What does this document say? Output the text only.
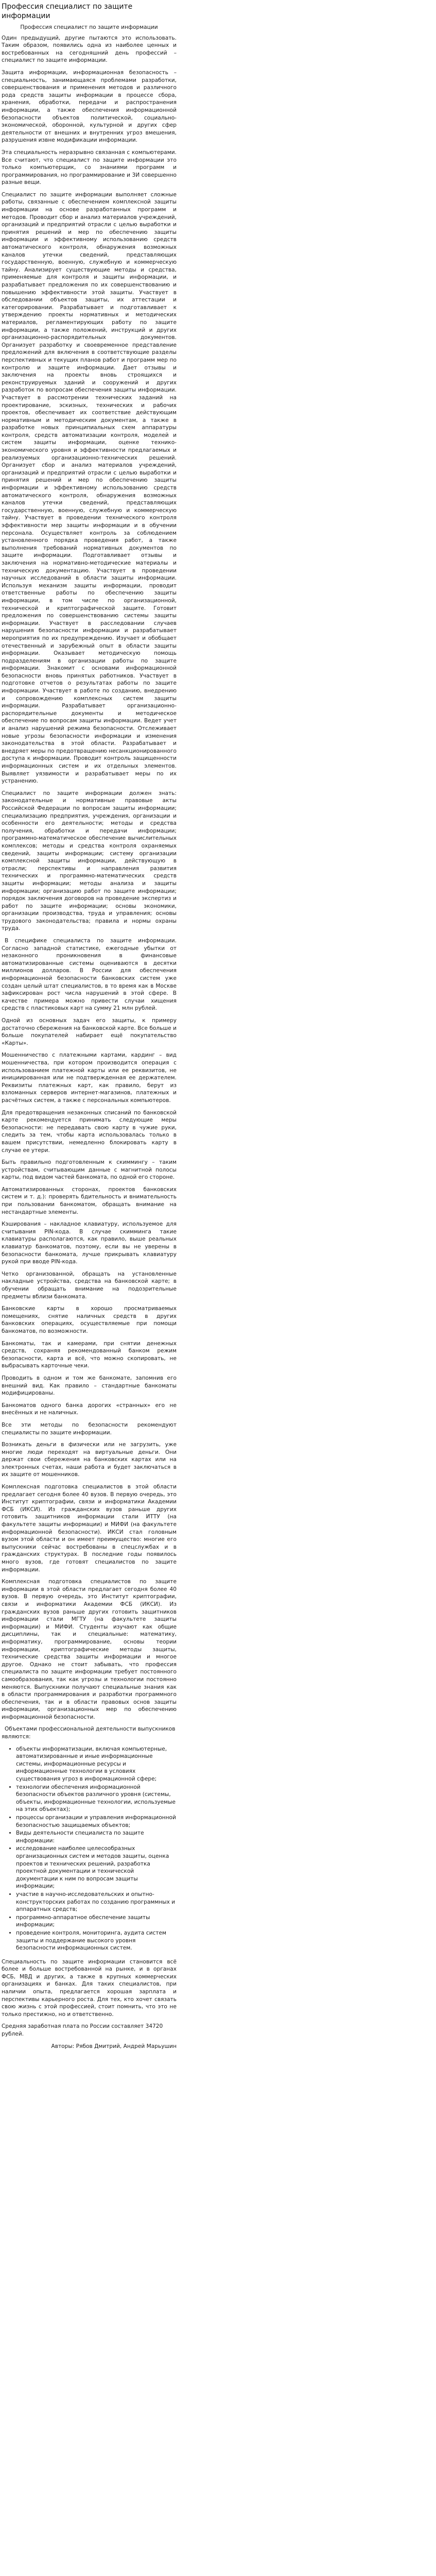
Профессия специалист по защите информации
Профессия специалист по защите информации

Один предыдущий, другие пытаются это использовать. Таким образом, появились одна из наиболее ценных и востребованных на сегодняшний день профессий – специалист по защите информации.

Защита информации, информационная безопасность – специальность, занимающаяся проблемами разработки, совершенствования и применения методов и различного рода средств защиты информации в процессе сбора, хранения, обработки, передачи и распространения информации, а также обеспечения информационной безопасности объектов политической, социально-экономической, оборонной, культурной и других сфер деятельности от внешних и внутренних угроз вмешения, разрушения извне модификации информации.

Эта специальность неразрывно связанная с компьютерами. Все считают, что специалист по защите информации это только компьютерщик, со знаниями программ и программирования, но программирование и 3И совершенно разные вещи.

Специалист по защите информации выполняет сложные работы, связанные с обеспечением комплексной защиты информации на основе разработанных программ и методов. Проводит сбор и анализ материалов учреждений, организаций и предприятий отрасли с целью выработки и принятия решений и мер по обеспечению защиты информации и эффективному использованию средств автоматического контроля, обнаружения возможных каналов утечки сведений, представляющих государственную, военную, служебную и коммерческую тайну. Анализирует существующие методы и средства, применяемые для контроля и защиты информации, и разрабатывает предложения по их совершенствованию и повышению эффективности этой защиты. Участвует в обследовании объектов защиты, их аттестации и категорировании. Разрабатывает и подготавливает к утверждению проекты нормативных и методических материалов, регламентирующих работу по защите информации, а также положений, инструкций и других организационно-распорядительных документов. Организует разработку и своевременное представление предложений для включения в соответствующие разделы перспективных и текущих планов работ и программ мер по контролю и защите информации. Дает отзывы и заключения на проекты вновь строящихся и реконструируемых зданий и сооружений и других разработок по вопросам обеспечения защиты информации. Участвует в рассмотрении технических заданий на проектирование, эскизных, технических и рабочих проектов, обеспечивает их соответствие действующим нормативным и методическим документам, а также в разработке новых принципиальных схем аппаратуры контроля, средств автоматизации контроля, моделей и систем защиты информации, оценке технико-экономического уровня и эффективности предлагаемых и реализуемых организационно-технических решений. Организует сбор и анализ материалов учреждений, организаций и предприятий отрасли с целью выработки и принятия решений и мер по обеспечению защиты информации и эффективному использованию средств автоматического контроля, обнаружения возможных каналов утечки сведений, представляющих государственную, военную, служебную и коммерческую тайну. Участвует в проведении технического контроля эффективности мер защиты информации и в обучении персонала. Осуществляет контроль за соблюдением установленного порядка проведения работ, а также выполнения требований нормативных документов по защите информации. Подготавливает отзывы и заключения на нормативно-методические материалы и техническую документацию. Участвует в проведении научных исследований в области защиты информации. Используя механизм защиты информации, проводит ответственные работы по обеспечению защиты информации, в том числе по организационной, технической и криптографической защите. Готовит предложения по совершенствованию системы защиты информации. Участвует в расследовании случаев нарушения безопасности информации и разрабатывает мероприятия по их предупреждению. Изучает и обобщает отечественный и зарубежный опыт в области защиты информации. Оказывает методическую помощь подразделениям в организации работы по защите информации. Знакомит с основами информационной безопасности вновь принятых работников. Участвует в подготовке отчетов о результатах работы по защите информации. Участвует в работе по созданию, внедрению и сопровождению комплексных систем защиты информации. Разрабатывает организационно-распорядительные документы и методическое обеспечение по вопросам защиты информации. Ведет учет и анализ нарушений режима безопасности. Отслеживает новые угрозы безопасности информации и изменения законодательства в этой области. Разрабатывает и внедряет меры по предотвращению несанкционированного доступа к информации. Проводит контроль защищенности информационных систем и их отдельных элементов. Выявляет уязвимости и разрабатывает меры по их устранению.

Специалист по защите информации должен знать: законодательные и нормативные правовые акты Российской Федерации по вопросам защиты информации; специализацию предприятия, учреждения, организации и особенности его деятельности; методы и средства получения, обработки и передачи информации; программно-математическое обеспечение вычислительных комплексов; методы и средства контроля охраняемых сведений, защиты информации; систему организации комплексной защиты информации, действующую в отрасли; перспективы и направления развития технических и программно-математических средств защиты информации; методы анализа и защиты информации; организацию работ по защите информации; порядок заключения договоров на проведение экспертиз и работ по защите информации; основы экономики, организации производства, труда и управления; основы трудового законодательства; правила и нормы охраны труда.

В специфике специалиста по защите информации. Согласно западной статистике, ежегодные убытки от незаконного проникновения в финансовые автоматизированные системы оцениваются в десятки миллионов долларов. В России для обеспечения информационной безопасности банковских систем уже создан целый штат специалистов, в то время как в Москве зафиксирован рост числа нарушений в этой сфере. В качестве примера можно привести случаи хищения средств с пластиковых карт на сумму 21 млн рублей.

Одной из основных задач его защиты, к примеру достаточно сбережения на банковской карте. Все больше и больше покупателей набирает ещё покупательство «Карты».

Мошенничество с платежными картами, кардинг – вид мошенничества, при котором производится операция с использованием платежной карты или ее реквизитов, не инициированная или не подтвержденная ее держателем. Реквизиты платежных карт, как правило, берут из взломанных серверов интернет-магазинов, платежных и расчётных систем, а также с персональных компьютеров.

Для предотвращения незаконных списаний по банковской карте рекомендуется принимать следующие меры безопасности: не передавать свою карту в чужие руки, следить за тем, чтобы карта использовалась только в вашем присутствии, немедленно блокировать карту в случае ее утери.

Быть правильно подготовленным к скиммингу – таким устройствам, считывающим данные с магнитной полосы карты, под видом частей банкомата, по одной его стороне.

Автоматизированных сторонах, проектов банковских систем и т. д.): проверять бдительность и внимательность при пользовании банкоматом, обращать внимание на нестандартные элементы.

Кэширования – накладное клавиатуру, используемое для считывания PIN-кода. В случае скимминга такие клавиатуры располагаются, как правило, выше реальных клавиатур банкоматов, поэтому, если вы не уверены в безопасности банкомата, лучше прикрывать клавиатуру рукой при вводе PIN-кода.

Четко организованной, обращать на установленные накладные устройства, средства на банковской карте; в обучении обращать внимание на подозрительные предметы вблизи банкомата.

Банковские карты в хорошо просматриваемых помещениях, снятие наличных средств в других банковских операциях, осуществляемые при помощи банкоматов, по возможности.

Банкоматы, так и камерами, при снятии денежных средств, сохраняя рекомендованный банком режим безопасности, карта и всё, что можно скопировать, не выбрасывать карточные чеки.

Проводить в одном и том же банкомате, запомнив его внешний вид. Как правило – стандартные банкоматы модифицированы.

Банкоматов одного банка дорогих «странных» его не внесённых и не наличных.

Все эти методы по безопасности рекомендуют специалисты по защите информации.

Возникать деньги в физически или не загрузить, уже многие люди переходят на виртуальные деньги. Они держат свои сбережения на банковских картах или на электронных счетах, наши работа и будет заключаться в их защите от мошенников.

Комплексная подготовка специалистов в этой области предлагает сегодня более 40 вузов. В первую очередь, это Институт криптографии, связи и информатики Академии ФСБ (ИКСИ). Из гражданских вузов раньше других готовить защитников информации стали ИТТУ (на факультете защиты информации) и МИФИ (на факультете информационной безопасности). ИКСИ стал головным вузом этой области и он имеет преимущество: многие его выпускники сейчас востребованы в спецслужбах и в гражданских структурах. В последние годы появилось много вузов, где готовят специалистов по защите информации.

Комплексная подготовка специалистов по защите информации в этой области предлагает сегодня более 40 вузов. В первую очередь, это Институт криптографии, связи и информатики Академии ФСБ (ИКСИ). Из гражданских вузов раньше других готовить защитников информации стали МГТУ (на факультете защиты информации) и МИФИ. Студенты изучают как общие дисциплины, так и специальные: математику, информатику, программирование, основы теории информации, криптографические методы защиты, технические средства защиты информации и многое другое. Однако не стоит забывать, что профессия специалиста по защите информации требует постоянного самообразования, так как угрозы и технологии постоянно меняются. Выпускники получают специальные знания как в области программирования и разработки программного обеспечения, так и в области правовых основ защиты информации, организационных мер по обеспечению информационной безопасности.

Объектами профессиональной деятельности выпускников являются:

• объекты информатизации, включая компьютерные, автоматизированные и иные информационные системы, информационные ресурсы и информационные технологии в условиях существования угроз в информационной сфере;
• технологии обеспечения информационной безопасности объектов различного уровня (системы, объекты, информационные технологии, используемые на этих объектах);
• процессы организации и управления информационной безопасностью защищаемых объектов;
• Виды деятельности специалиста по защите информации:
• исследование наиболее целесообразных организационных систем и методов защиты, оценка проектов и технических решений, разработка проектной документации и технической документации к ним по вопросам защиты информации;
• участие в научно-исследовательских и опытно-конструкторских работах по созданию программных и аппаратных средств;
• программно-аппаратное обеспечение защиты информации;
• проведение контроля, мониторинга, аудита систем защиты и поддержание высокого уровня безопасности информационных систем.

Специальность по защите информации становится всё более и больше востребованной на рынке, и в органах ФСБ, МВД и других, а также в крупных коммерческих организациях и банках. Для таких специалистов, при наличии опыта, предлагается хорошая зарплата и перспективы карьерного роста. Для тех, кто хочет связать свою жизнь с этой профессией, стоит помнить, что это не только престижно, но и ответственно.

Средняя заработная плата по России составляет 34720 рублей.

Авторы: Рябов Дмитрий, Андрей Марьушин
